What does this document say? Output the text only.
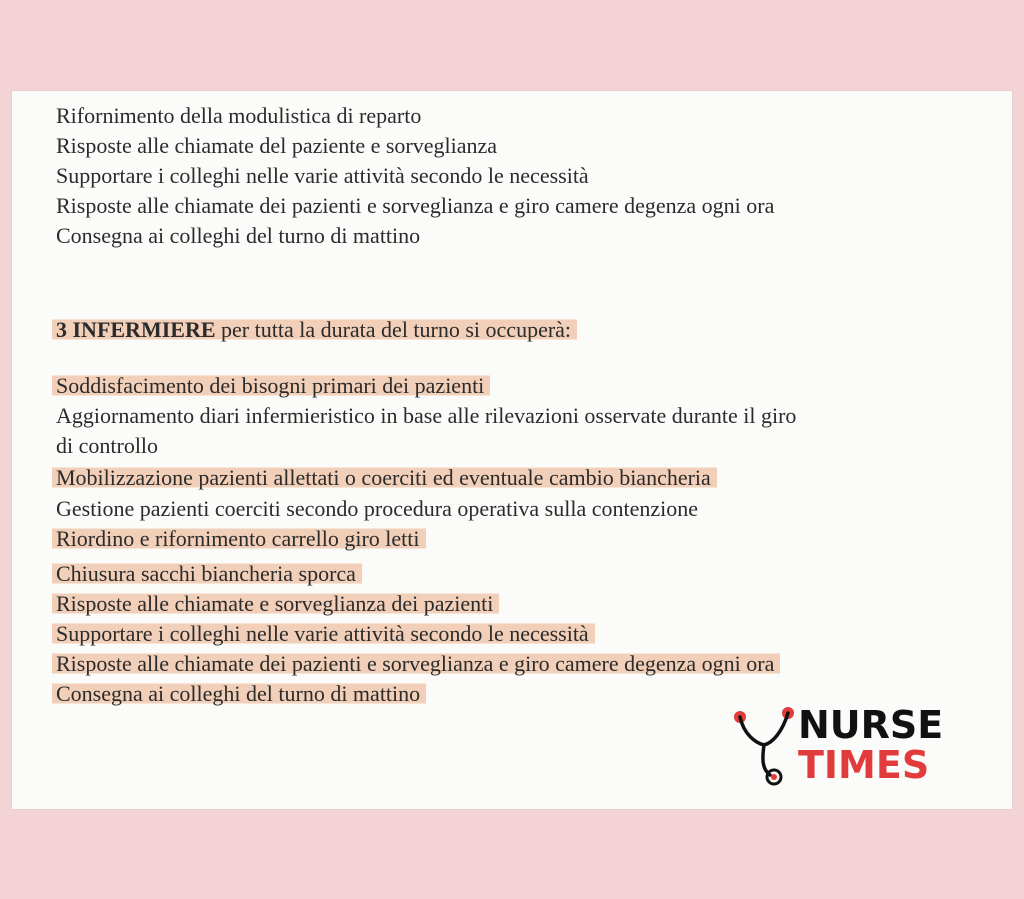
Rifornimento della modulistica di reparto

Risposte alle chiamate del paziente e sorveglianza

Supportare i colleghi nelle varie attività secondo le necessità

Risposte alle chiamate dei pazienti e sorveglianza e giro camere degenza ogni ora

Consegna ai colleghi del turno di mattino

3 INFERMIERE per tutta la durata del turno si occuperà:

Soddisfacimento dei bisogni primari dei pazienti

Aggiornamento diari infermieristico in base alle rilevazioni osservate durante il giro

di controllo

Mobilizzazione pazienti allettati o coerciti ed eventuale cambio biancheria

Gestione pazienti coerciti secondo procedura operativa sulla contenzione

Riordino e rifornimento carrello giro letti

Chiusura sacchi biancheria sporca

Risposte alle chiamate e sorveglianza dei pazienti

Supportare i colleghi nelle varie attività secondo le necessità

Risposte alle chiamate dei pazienti e sorveglianza e giro camere degenza ogni ora

Consegna ai colleghi del turno di mattino

NURSE

TIMES
